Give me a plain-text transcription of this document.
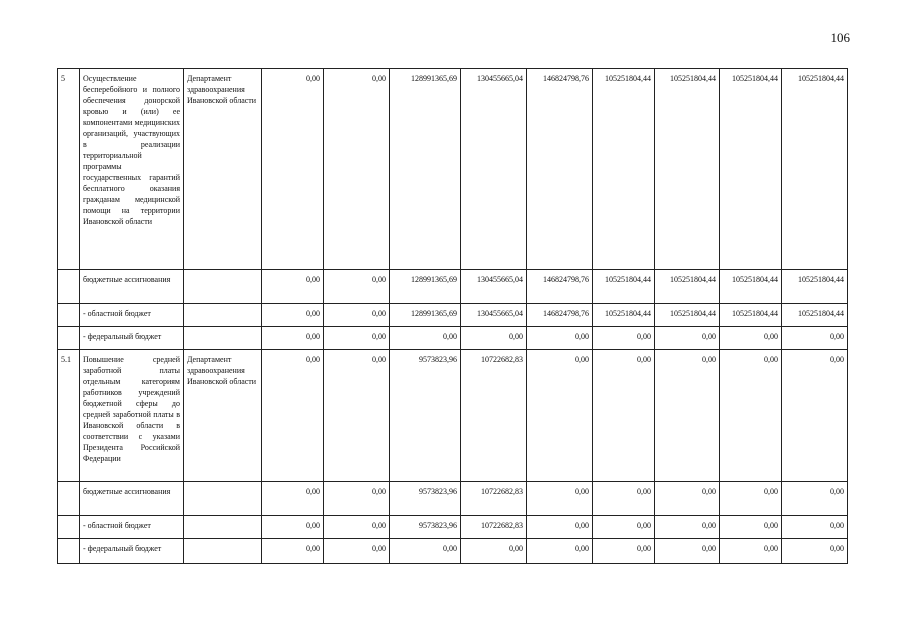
106
5	Осуществление бесперебойного и полного обеспечения донорской кровью и (или) ее компонентами медицинских организаций, участвующих в реализации территориальной программы государственных гарантий бесплатного оказания гражданам медицинской помощи на территории Ивановской области	Департамент здравоохранения Ивановской области	0,00	0,00	128991365,69	130455665,04	146824798,76	105251804,44	105251804,44	105251804,44	105251804,44
	бюджетные ассигнования		0,00	0,00	128991365,69	130455665,04	146824798,76	105251804,44	105251804,44	105251804,44	105251804,44
	- областной бюджет		0,00	0,00	128991365,69	130455665,04	146824798,76	105251804,44	105251804,44	105251804,44	105251804,44
	- федеральный бюджет		0,00	0,00	0,00	0,00	0,00	0,00	0,00	0,00	0,00
5.1	Повышение средней заработной платы отдельным категориям работников учреждений бюджетной сферы до средней заработной платы в Ивановской области в соответствии с указами Президента Российской Федерации	Департамент здравоохранения Ивановской области	0,00	0,00	9573823,96	10722682,83	0,00	0,00	0,00	0,00	0,00
	бюджетные ассигнования		0,00	0,00	9573823,96	10722682,83	0,00	0,00	0,00	0,00	0,00
	- областной бюджет		0,00	0,00	9573823,96	10722682,83	0,00	0,00	0,00	0,00	0,00
	- федеральный бюджет		0,00	0,00	0,00	0,00	0,00	0,00	0,00	0,00	0,00
